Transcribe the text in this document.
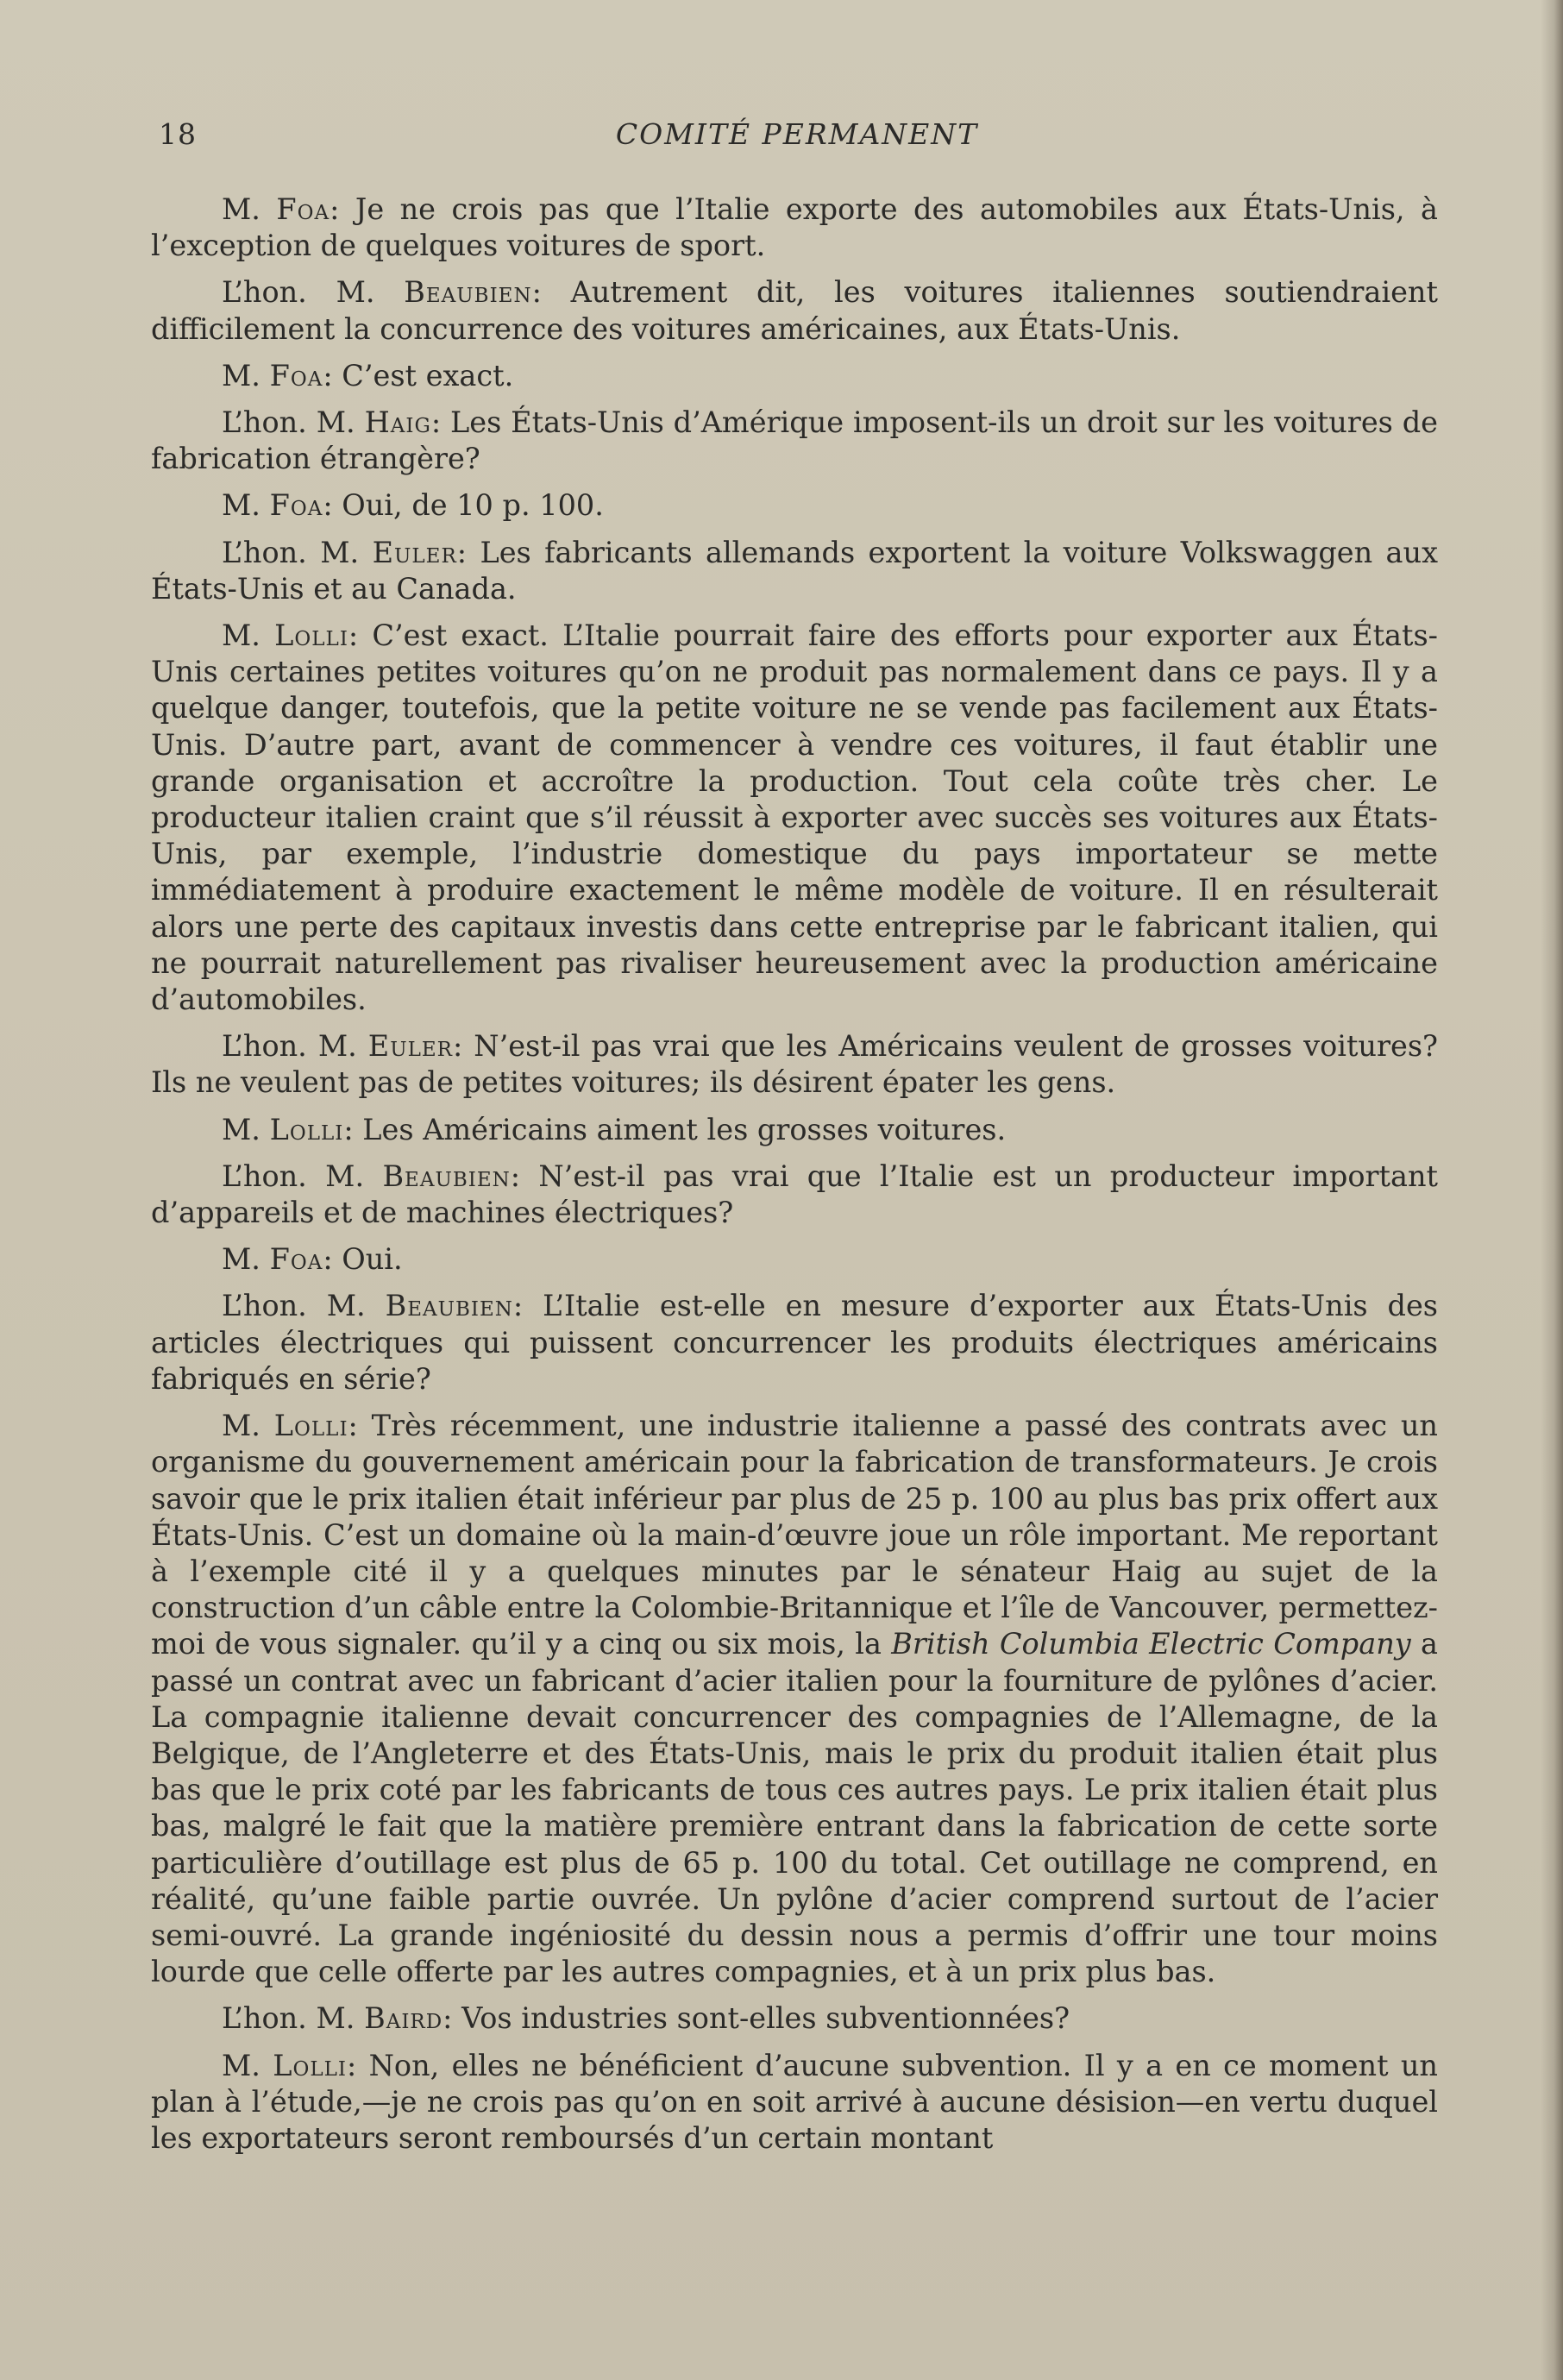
18	COMITÉ PERMANENT

M. Foa: Je ne crois pas que l’Italie exporte des automobiles aux États-Unis, à l’exception de quelques voitures de sport.

L’hon. M. Beaubien: Autrement dit, les voitures italiennes soutiendraient difficilement la concurrence des voitures américaines, aux États-Unis.

M. Foa: C’est exact.

L’hon. M. Haig: Les États-Unis d’Amérique imposent-ils un droit sur les voitures de fabrication étrangère?

M. Foa: Oui, de 10 p. 100.

L’hon. M. Euler: Les fabricants allemands exportent la voiture Volkswaggen aux États-Unis et au Canada.

M. Lolli: C’est exact. L’Italie pourrait faire des efforts pour exporter aux États-Unis certaines petites voitures qu’on ne produit pas normalement dans ce pays. Il y a quelque danger, toutefois, que la petite voiture ne se vende pas facilement aux États-Unis. D’autre part, avant de commencer à vendre ces voitures, il faut établir une grande organisation et accroître la production. Tout cela coûte très cher. Le producteur italien craint que s’il réussit à exporter avec succès ses voitures aux États-Unis, par exemple, l’industrie domestique du pays importateur se mette immédiatement à produire exactement le même modèle de voiture. Il en résulterait alors une perte des capitaux investis dans cette entreprise par le fabricant italien, qui ne pourrait naturellement pas rivaliser heureusement avec la production américaine d’automobiles.

L’hon. M. Euler: N’est-il pas vrai que les Américains veulent de grosses voitures? Ils ne veulent pas de petites voitures; ils désirent épater les gens.

M. Lolli: Les Américains aiment les grosses voitures.

L’hon. M. Beaubien: N’est-il pas vrai que l’Italie est un producteur important d’appareils et de machines électriques?

M. Foa: Oui.

L’hon. M. Beaubien: L’Italie est-elle en mesure d’exporter aux États-Unis des articles électriques qui puissent concurrencer les produits électriques américains fabriqués en série?

M. Lolli: Très récemment, une industrie italienne a passé des contrats avec un organisme du gouvernement américain pour la fabrication de transformateurs. Je crois savoir que le prix italien était inférieur par plus de 25 p. 100 au plus bas prix offert aux États-Unis. C’est un domaine où la main-d’œuvre joue un rôle important. Me reportant à l’exemple cité il y a quelques minutes par le sénateur Haig au sujet de la construction d’un câble entre la Colombie-Britannique et l’île de Vancouver, permettez-moi de vous signaler. qu’il y a cinq ou six mois, la British Columbia Electric Company a passé un contrat avec un fabricant d’acier italien pour la fourniture de pylônes d’acier. La compagnie italienne devait concurrencer des compagnies de l’Allemagne, de la Belgique, de l’Angleterre et des États-Unis, mais le prix du produit italien était plus bas que le prix coté par les fabricants de tous ces autres pays. Le prix italien était plus bas, malgré le fait que la matière première entrant dans la fabrication de cette sorte particulière d’outillage est plus de 65 p. 100 du total. Cet outillage ne comprend, en réalité, qu’une faible partie ouvrée. Un pylône d’acier comprend surtout de l’acier semi-ouvré. La grande ingéniosité du dessin nous a permis d’offrir une tour moins lourde que celle offerte par les autres compagnies, et à un prix plus bas.

L’hon. M. Baird: Vos industries sont-elles subventionnées?

M. Lolli: Non, elles ne bénéficient d’aucune subvention. Il y a en ce moment un plan à l’étude,—je ne crois pas qu’on en soit arrivé à aucune désision—en vertu duquel les exportateurs seront remboursés d’un certain montant
